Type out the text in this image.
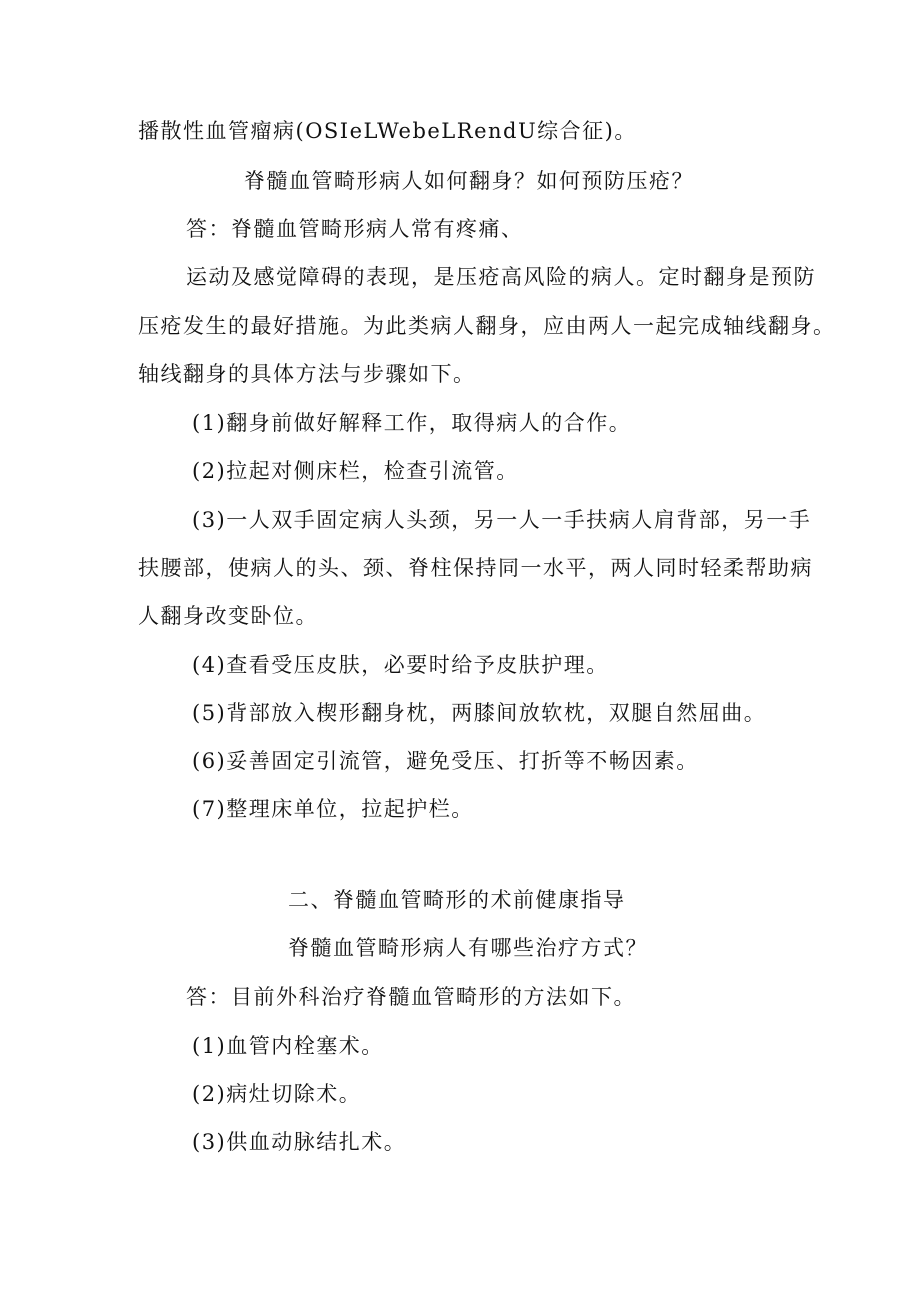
播散性血管瘤病(OSIeLWebeLRendU综合征)。
脊髓血管畸形病人如何翻身？如何预防压疮？
答：脊髓血管畸形病人常有疼痛、
运动及感觉障碍的表现，是压疮高风险的病人。定时翻身是预防
压疮发生的最好措施。为此类病人翻身，应由两人一起完成轴线翻身。
轴线翻身的具体方法与步骤如下。
(1)翻身前做好解释工作，取得病人的合作。
(2)拉起对侧床栏，检查引流管。
(3)一人双手固定病人头颈，另一人一手扶病人肩背部，另一手
扶腰部，使病人的头、颈、脊柱保持同一水平，两人同时轻柔帮助病
人翻身改变卧位。
(4)查看受压皮肤，必要时给予皮肤护理。
(5)背部放入楔形翻身枕，两膝间放软枕，双腿自然屈曲。
(6)妥善固定引流管，避免受压、打折等不畅因素。
(7)整理床单位，拉起护栏。
二、脊髓血管畸形的术前健康指导
脊髓血管畸形病人有哪些治疗方式？
答：目前外科治疗脊髓血管畸形的方法如下。
(1)血管内栓塞术。
(2)病灶切除术。
(3)供血动脉结扎术。
